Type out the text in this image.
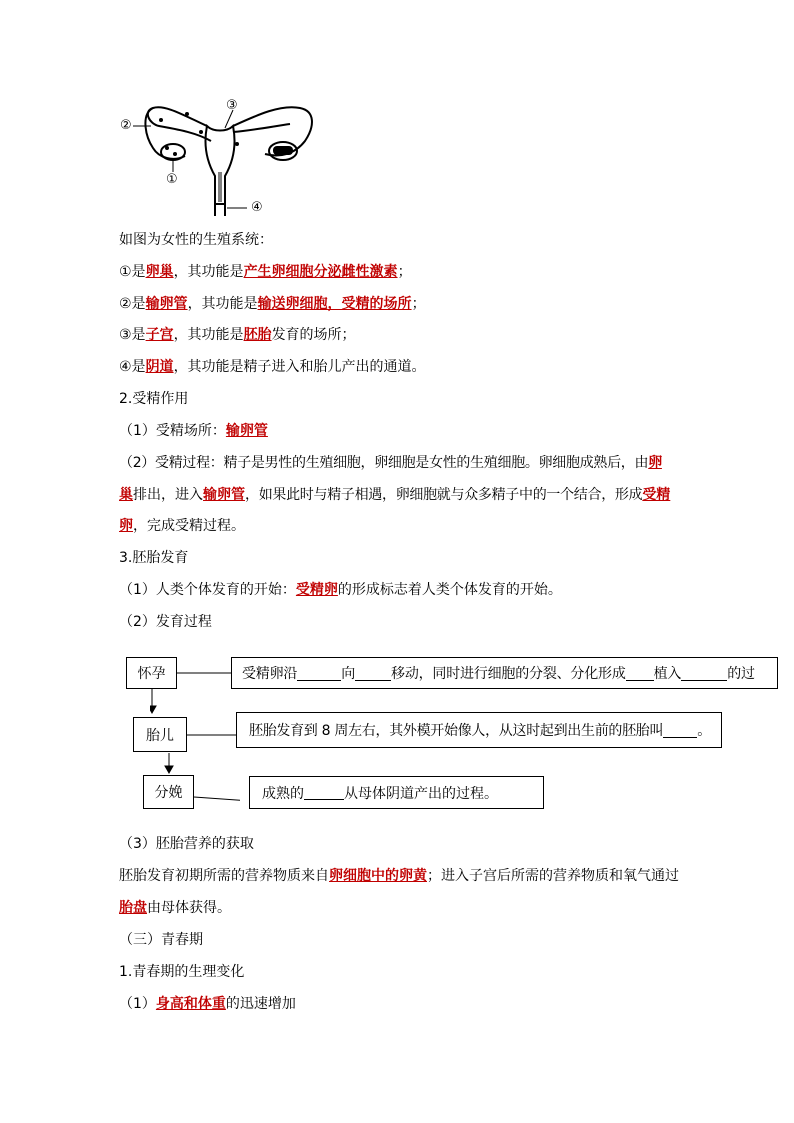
②
③
①
④
如图为女性的生殖系统：
①是卵巢，其功能是产生卵细胞分泌雌性激素；
②是输卵管，其功能是输送卵细胞，受精的场所；
③是子宫，其功能是胚胎发育的场所；
④是阴道，其功能是精子进入和胎儿产出的通道。
2.受精作用
（1）受精场所：输卵管
（2）受精过程：精子是男性的生殖细胞，卵细胞是女性的生殖细胞。卵细胞成熟后，由卵
巢排出，进入输卵管，如果此时与精子相遇，卵细胞就与众多精子中的一个结合，形成受精
卵，完成受精过程。
3.胚胎发育
（1）人类个体发育的开始：受精卵的形成标志着人类个体发育的开始。
（2）发育过程
怀孕	受精卵沿	向	移动，同时进行细胞的分裂、分化形成 植入	的过
胎儿	胚胎发育到 8 周左右，其外模开始像人，从这时起到出生前的胚胎叫 。
分娩	成熟的	从母体阴道产出的过程。
（3）胚胎营养的获取
胚胎发育初期所需的营养物质来自卵细胞中的卵黄；进入子宫后所需的营养物质和氧气通过
胎盘由母体获得。
（三）青春期
1.青春期的生理变化
（1）身高和体重的迅速增加
